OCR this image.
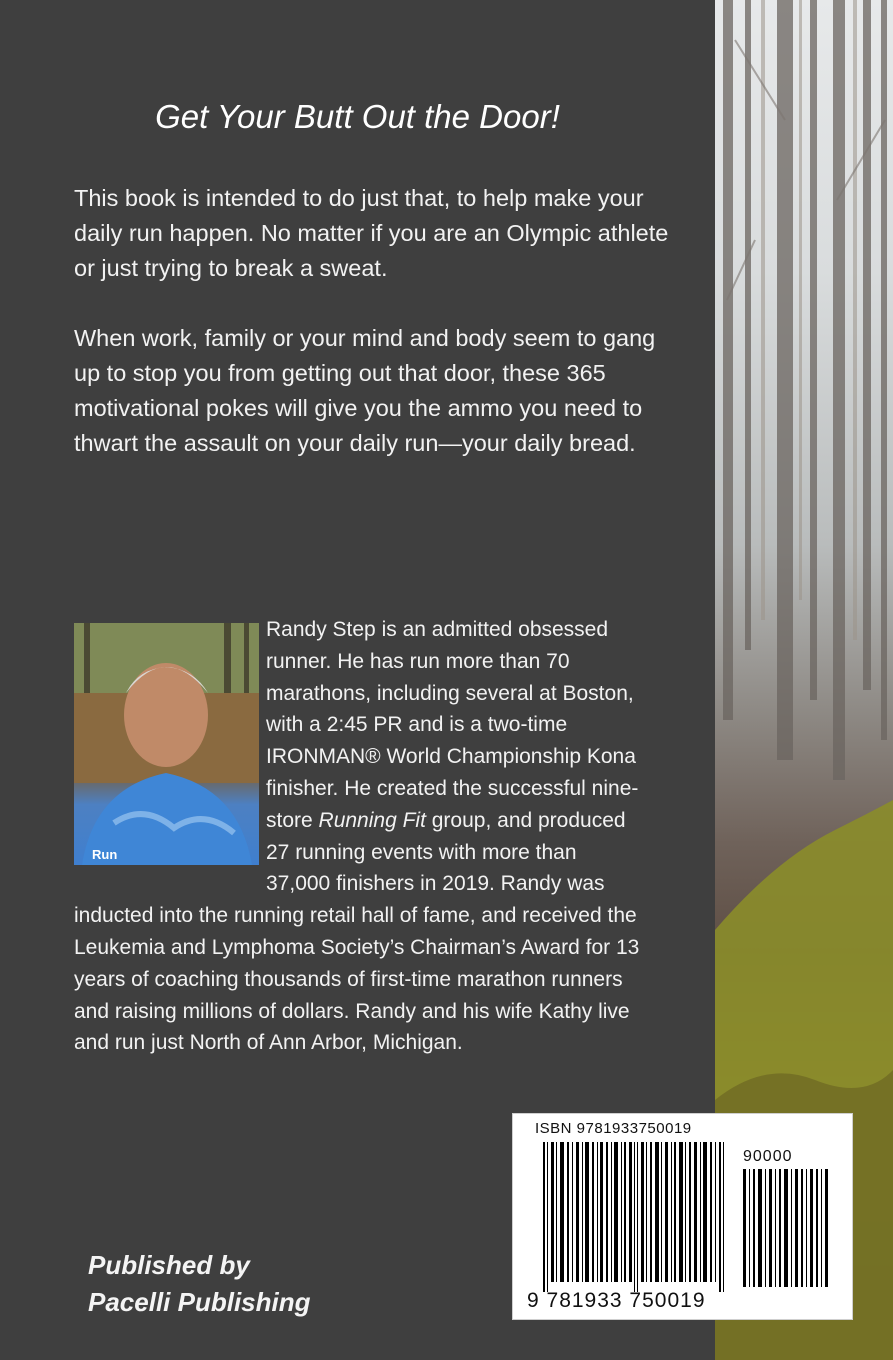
Get Your Butt Out the Door!

This book is intended to do just that, to help make your daily run happen. No matter if you are an Olympic athlete or just trying to break a sweat.

When work, family or your mind and body seem to gang up to stop you from getting out that door, these 365 motivational pokes will give you the ammo you need to thwart the assault on your daily run—your daily bread.

Run

Randy Step is an admitted obsessed runner. He has run more than 70 marathons, including several at Boston, with a 2:45 PR and is a two-time IRONMAN® World Championship Kona finisher. He created the successful nine-store Running Fit group, and produced 27 running events with more than 37,000 finishers in 2019. Randy was inducted into the running retail hall of fame, and received the Leukemia and Lymphoma Society’s Chairman’s Award for 13 years of coaching thousands of first-time marathon runners and raising millions of dollars. Randy and his wife Kathy live and run just North of Ann Arbor, Michigan.

ISBN 9781933750019
90000
9 781933 750019

Published by
Pacelli Publishing
